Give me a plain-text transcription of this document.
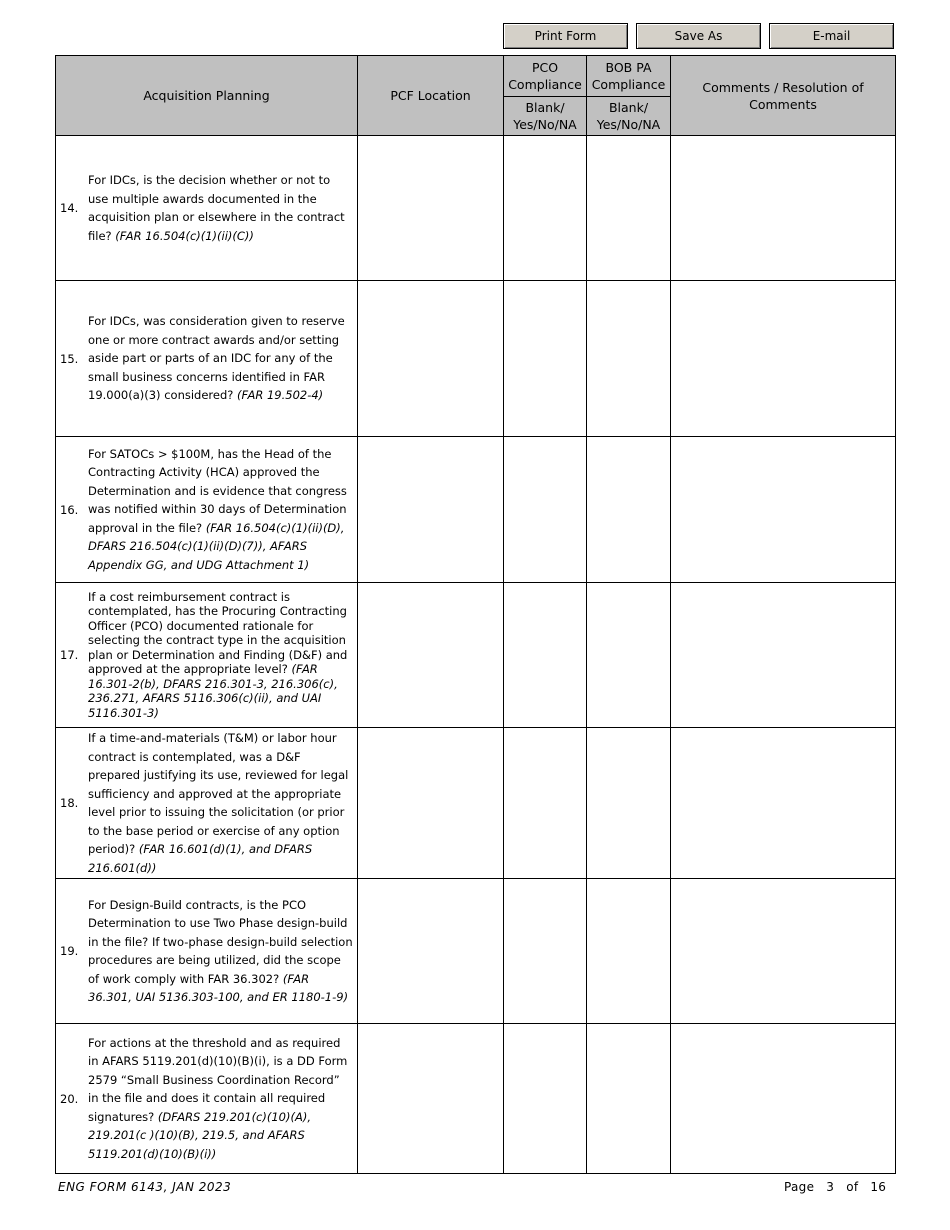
Print Form	Save As	E-mail
Acquisition Planning	PCF Location	PCO Compliance	BOB PA Compliance	Comments / Resolution of Comments
		Blank/ Yes/No/NA	Blank/ Yes/No/NA	

14.
For IDCs, is the decision whether or not to use multiple awards documented in the acquisition plan or elsewhere in the contract file? (FAR 16.504(c)(1)(ii)(C))				

15.
For IDCs, was consideration given to reserve one or more contract awards and/or setting aside part or parts of an IDC for any of the small business concerns identified in FAR 19.000(a)(3) considered? (FAR 19.502-4)				

16.
For SATOCs > $100M, has the Head of the Contracting Activity (HCA) approved the Determination and is evidence that congress was notified within 30 days of Determination approval in the file? (FAR 16.504(c)(1)(ii)(D), DFARS 216.504(c)(1)(ii)(D)(7)), AFARS Appendix GG, and UDG Attachment 1)				

17.
If a cost reimbursement contract is contemplated, has the Procuring Contracting Officer (PCO) documented rationale for selecting the contract type in the acquisition plan or Determination and Finding (D&F) and approved at the appropriate level? (FAR 16.301-2(b), DFARS 216.301-3, 216.306(c), 236.271, AFARS 5116.306(c)(ii), and UAI 5116.301-3)				

18.
If a time-and-materials (T&M) or labor hour contract is contemplated, was a D&F prepared justifying its use, reviewed for legal sufficiency and approved at the appropriate level prior to issuing the solicitation (or prior to the base period or exercise of any option period)? (FAR 16.601(d)(1), and DFARS 216.601(d))				

19.
For Design-Build contracts, is the PCO Determination to use Two Phase design-build in the file? If two-phase design-build selection procedures are being utilized, did the scope of work comply with FAR 36.302? (FAR 36.301, UAI 5136.303-100, and ER 1180-1-9)				

20.
For actions at the threshold and as required in AFARS 5119.201(d)(10)(B)(i), is a DD Form 2579 “Small Business Coordination Record” in the file and does it contain all required signatures? (DFARS 219.201(c)(10)(A), 219.201(c )(10)(B), 219.5, and AFARS 5119.201(d)(10)(B)(i))				

ENG FORM 6143, JAN 2023	Page 3 of 16
